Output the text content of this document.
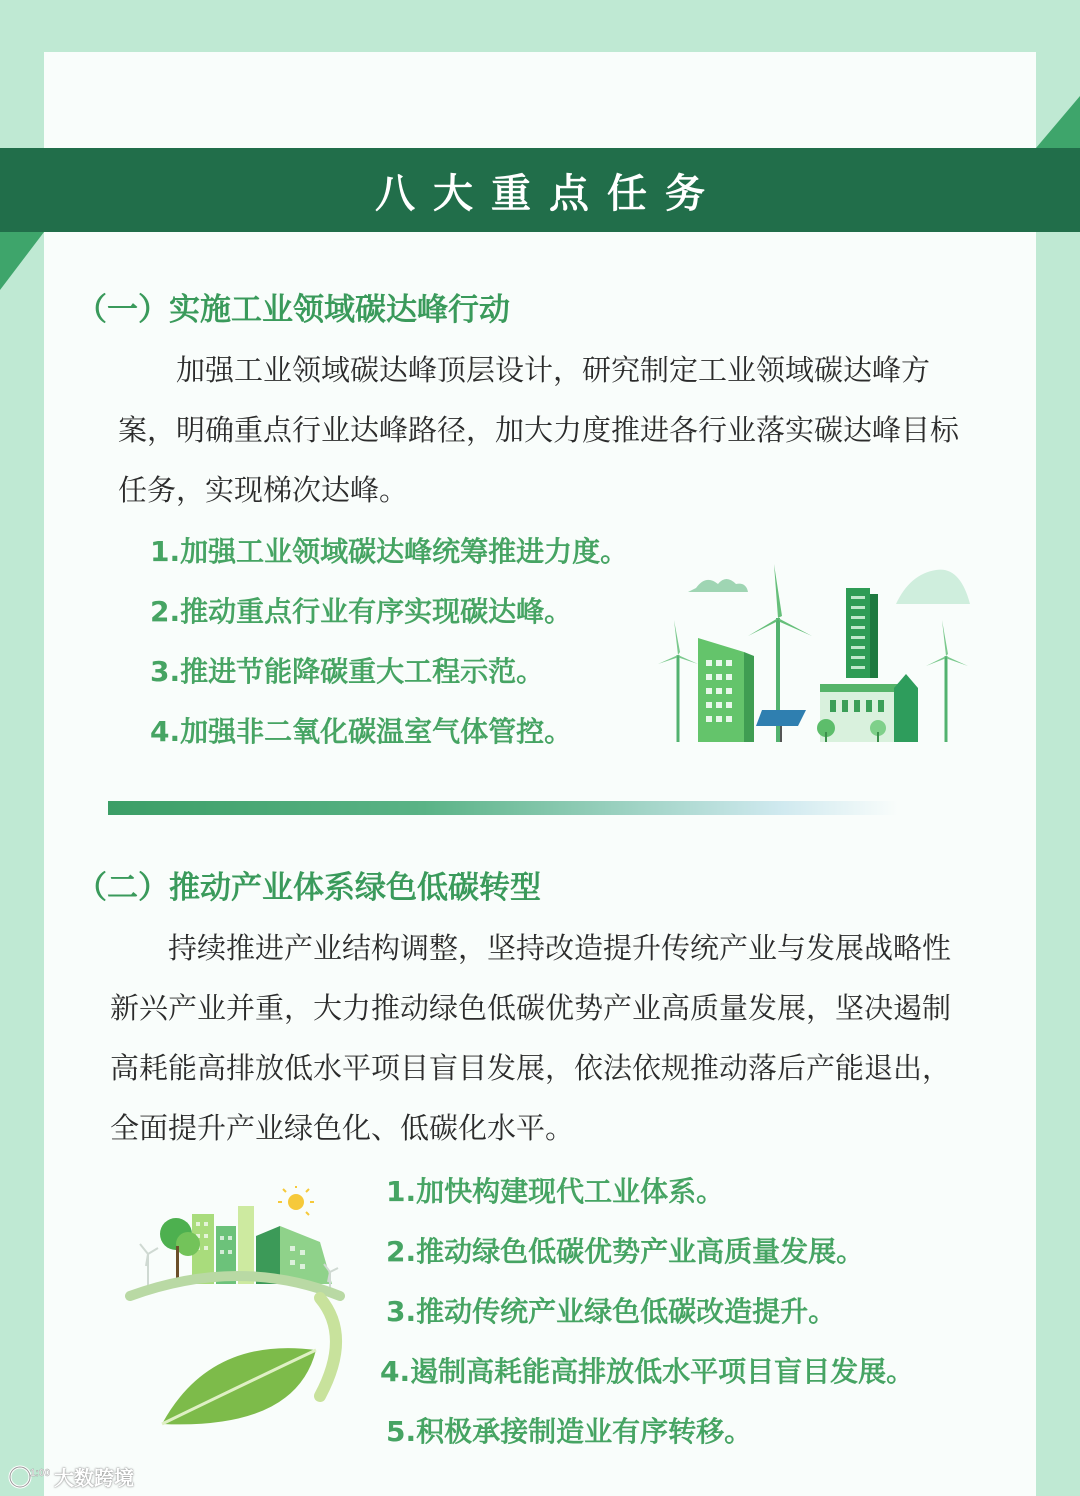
八大重点任务
（一）实施工业领域碳达峰行动

加强工业领域碳达峰顶层设计，研究制定工业领域碳达峰方案，明确重点行业达峰路径，加大力度推进各行业落实碳达峰目标任务，实现梯次达峰。

1.加强工业领域碳达峰统筹推进力度。

2.推动重点行业有序实现碳达峰。

3.推进节能降碳重大工程示范。

4.加强非二氧化碳温室气体管控。

（二）推动产业体系绿色低碳转型

持续推进产业结构调整，坚持改造提升传统产业与发展战略性新兴产业并重，大力推动绿色低碳优势产业高质量发展，坚决遏制高耗能高排放低水平项目盲目发展，依法依规推动落后产能退出，全面提升产业绿色化、低碳化水平。

1.加快构建现代工业体系。

2.推动绿色低碳优势产业高质量发展。

3.推动传统产业绿色低碳改造提升。

4.遏制高耗能高排放低水平项目盲目发展。

5.积极承接制造业有序转移。

1:00 大数跨境
